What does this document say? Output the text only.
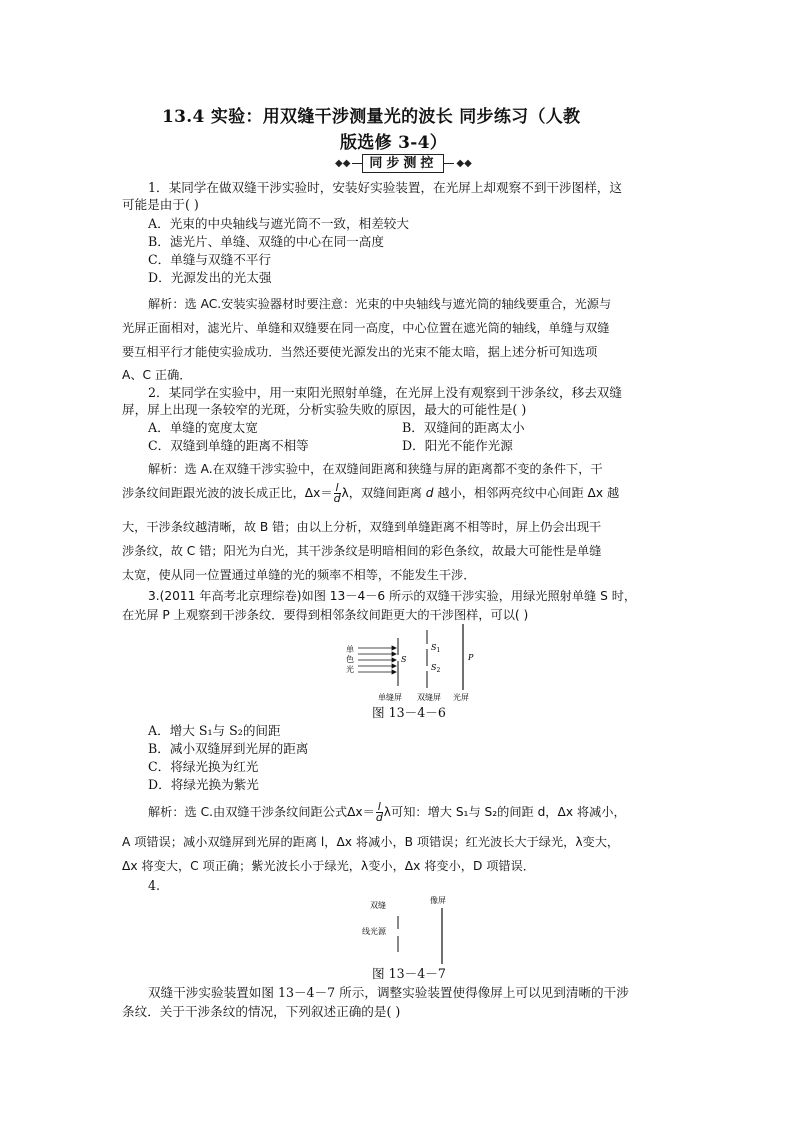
13.4 实验：用双缝干涉测量光的波长 同步练习（人教
版选修 3-4）
◆◆	同步测控	◆◆
1．某同学在做双缝干涉实验时，安装好实验装置，在光屏上却观察不到干涉图样，这
可能是由于( )
A．光束的中央轴线与遮光筒不一致，相差较大
B．滤光片、单缝、双缝的中心在同一高度
C．单缝与双缝不平行
D．光源发出的光太强
解析：选 AC.安装实验器材时要注意：光束的中央轴线与遮光筒的轴线要重合，光源与
光屏正面相对，滤光片、单缝和双缝要在同一高度，中心位置在遮光筒的轴线，单缝与双缝
要互相平行才能使实验成功．当然还要使光源发出的光束不能太暗，据上述分析可知选项
A、C 正确．
2．某同学在实验中，用一束阳光照射单缝，在光屏上没有观察到干涉条纹，移去双缝
屏，屏上出现一条较窄的光斑，分析实验失败的原因，最大的可能性是( )
A．单缝的宽度太宽	B．双缝间的距离太小
C．双缝到单缝的距离不相等	D．阳光不能作光源
解析：选 A.在双缝干涉实验中，在双缝间距离和狭缝与屏的距离都不变的条件下，干
涉条纹间距跟光波的波长成正比，$\Delta x= \frac{l}{d}$ λ，双缝间距离 d 越小，相邻两亮纹中心间距 Δx 越
大，干涉条纹越清晰，故 B 错；由以上分析，双缝到单缝距离不相等时，屏上仍会出现干
涉条纹，故 C 错；阳光为白光，其干涉条纹是明暗相间的彩色条纹，故最大可能性是单缝
太宽，使从同一位置通过单缝的光的频率不相等，不能发生干涉．
3.(2011 年高考北京理综卷)如图 13－4－6 所示的双缝干涉实验，用绿光照射单缝 S 时，
在光屏 P 上观察到干涉条纹．要得到相邻条纹间距更大的干涉图样，可以( )
单
色
光
S
$S_1$
$S_2$
P
单缝屏 双缝屏 光屏
图 13－4－6
A．增大 S₁与 S₂的间距
B．减小双缝屏到光屏的距离
C．将绿光换为红光
D．将绿光换为紫光
解析：选 C.由双缝干涉条纹间距公式$\Delta x= \frac{l}{d}$ λ可知：增大 S₁与 S₂的间距 d，Δx 将减小，
A 项错误；减小双缝屏到光屏的距离 l，Δx 将减小，B 项错误；红光波长大于绿光，λ变大，
Δx 将变大，C 项正确；紫光波长小于绿光，λ变小，Δx 将变小，D 项错误．
4.
双缝
像屏
线光源
图 13－4－7
双缝干涉实验装置如图 13－4－7 所示，调整实验装置使得像屏上可以见到清晰的干涉
条纹．关于干涉条纹的情况，下列叙述正确的是( )
